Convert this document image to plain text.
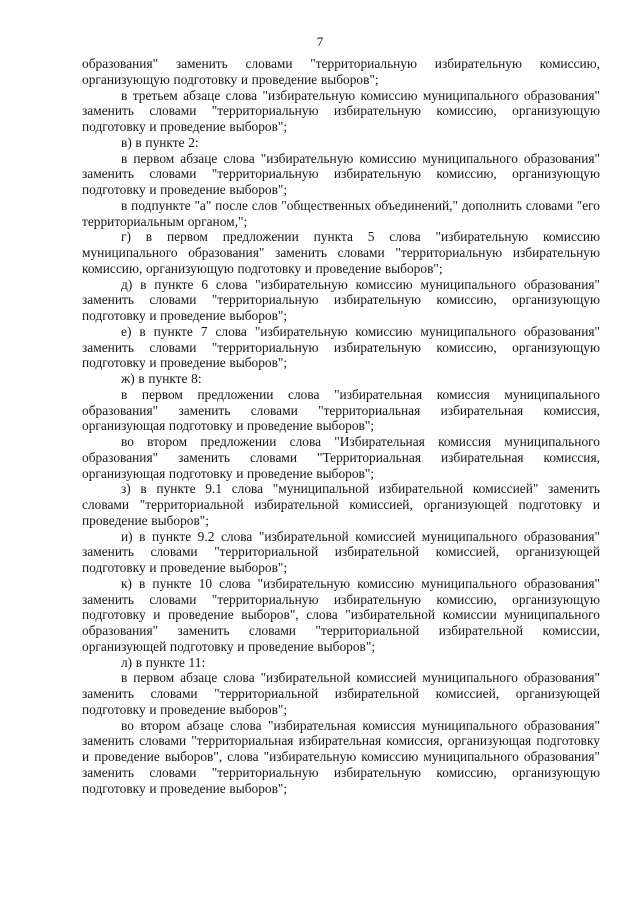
7

образования" заменить словами "территориальную избирательную комиссию, организующую подготовку и проведение выборов";

в третьем абзаце слова "избирательную комиссию муниципального образования" заменить словами "территориальную избирательную комиссию, организующую подготовку и проведение выборов";

в) в пункте 2:

в первом абзаце слова "избирательную комиссию муниципального образования" заменить словами "территориальную избирательную комиссию, организующую подготовку и проведение выборов";

в подпункте "а" после слов "общественных объединений," дополнить словами "его территориальным органом,";

г) в первом предложении пункта 5 слова "избирательную комиссию муниципального образования" заменить словами "территориальную избирательную комиссию, организующую подготовку и проведение выборов";

д) в пункте 6 слова "избирательную комиссию муниципального образования" заменить словами "территориальную избирательную комиссию, организующую подготовку и проведение выборов";

е) в пункте 7 слова "избирательную комиссию муниципального образования" заменить словами "территориальную избирательную комиссию, организующую подготовку и проведение выборов";

ж) в пункте 8:

в первом предложении слова "избирательная комиссия муниципального образования" заменить словами "территориальная избирательная комиссия, организующая подготовку и проведение выборов";

во втором предложении слова "Избирательная комиссия муниципального образования" заменить словами "Территориальная избирательная комиссия, организующая подготовку и проведение выборов";

з) в пункте 9.1 слова "муниципальной избирательной комиссией" заменить словами "территориальной избирательной комиссией, организующей подготовку и проведение выборов";

и) в пункте 9.2 слова "избирательной комиссией муниципального образования" заменить словами "территориальной избирательной комиссией, организующей подготовку и проведение выборов";

к) в пункте 10 слова "избирательную комиссию муниципального образования" заменить словами "территориальную избирательную комиссию, организующую подготовку и проведение выборов", слова "избирательной комиссии муниципального образования" заменить словами "территориальной избирательной комиссии, организующей подготовку и проведение выборов";

л) в пункте 11:

в первом абзаце слова "избирательной комиссией муниципального образования" заменить словами "территориальной избирательной комиссией, организующей подготовку и проведение выборов";

во втором абзаце слова "избирательная комиссия муниципального образования" заменить словами "территориальная избирательная комиссия, организующая подготовку и проведение выборов", слова "избирательную комиссию муниципального образования" заменить словами "территориальную избирательную комиссию, организующую подготовку и проведение выборов";
